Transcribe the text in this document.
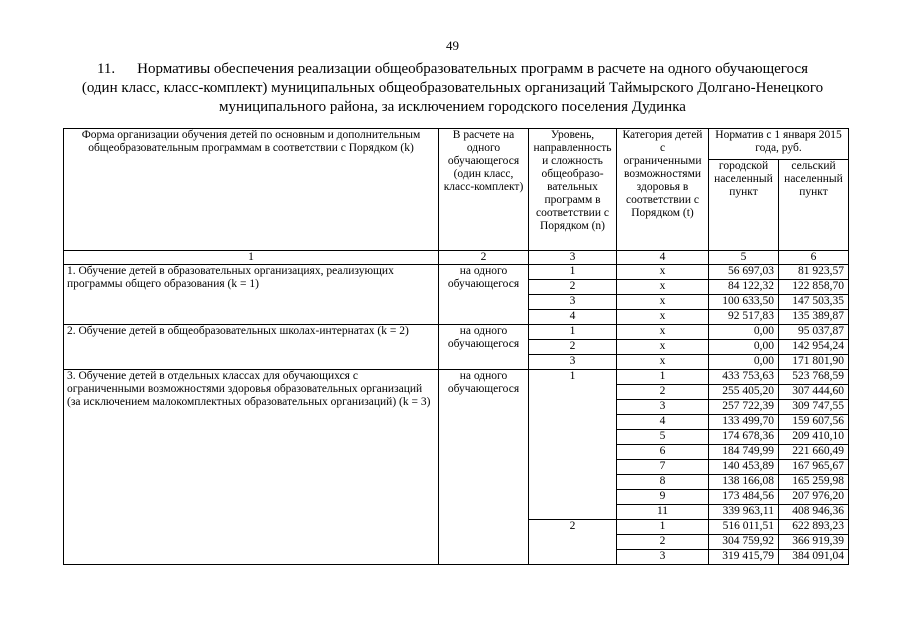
49
11. Нормативы обеспечения реализации общеобразовательных программ в расчете на одного обучающегося
(один класс, класс-комплект) муниципальных общеобразовательных организаций Таймырского Долгано-Ненецкого
муниципального района, за исключением городского поселения Дудинка
Форма организации обучения детей по основным и дополнительным общеобразовательным программам в соответствии с Порядком (k)	В расчете на одного обучающегося (один класс, класс-комплект)	Уровень, направленность и сложность общеобразо-вательных программ в соответствии с Порядком (n)	Категория детей с ограниченными возможностями здоровья в соответствии с Порядком (t)	Норматив с 1 января 2015 года, руб.	
				городской населенный пункт	сельский населенный пункт
1	2	3	4	5	6
1. Обучение детей в образовательных организациях, реализующих программы общего образования (k = 1)	на одного обучающегося	1	х	56 697,03	81 923,57
		2	х	84 122,32	122 858,70
		3	х	100 633,50	147 503,35
		4	х	92 517,83	135 389,87
2. Обучение детей в общеобразовательных школах-интернатах (k = 2)	на одного обучающегося	1	х	0,00	95 037,87
		2	х	0,00	142 954,24
		3	х	0,00	171 801,90
3. Обучение детей в отдельных классах для обучающихся с ограниченными возможностями здоровья образовательных организаций (за исключением малокомплектных образовательных организаций) (k = 3)	на одного обучающегося	1	1	433 753,63	523 768,59
			2	255 405,20	307 444,60
			3	257 722,39	309 747,55
			4	133 499,70	159 607,56
			5	174 678,36	209 410,10
			6	184 749,99	221 660,49
			7	140 453,89	167 965,67
			8	138 166,08	165 259,98
			9	173 484,56	207 976,20
			11	339 963,11	408 946,36
		2	1	516 011,51	622 893,23
			2	304 759,92	366 919,39
			3	319 415,79	384 091,04
